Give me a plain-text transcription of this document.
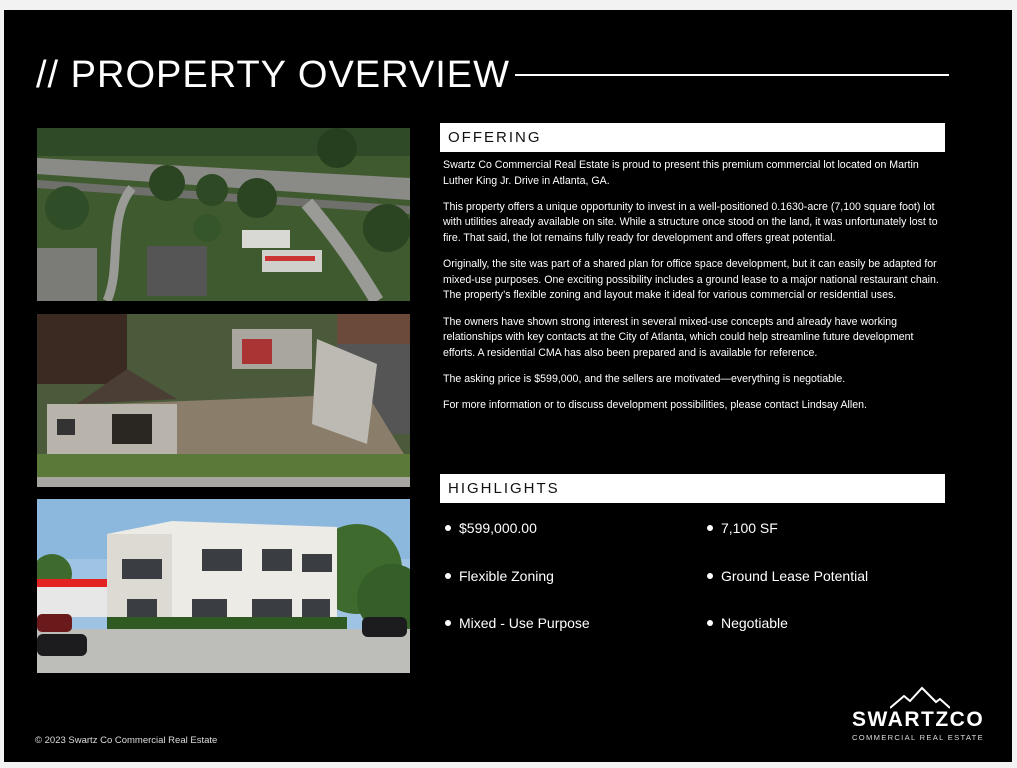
// PROPERTY OVERVIEW
OFFERING

Swartz Co Commercial Real Estate is proud to present this premium commercial lot located on Martin Luther King Jr. Drive in Atlanta, GA.

This property offers a unique opportunity to invest in a well-positioned 0.1630-acre (7,100 square foot) lot with utilities already available on site. While a structure once stood on the land, it was unfortunately lost to fire. That said, the lot remains fully ready for development and offers great potential.

Originally, the site was part of a shared plan for office space development, but it can easily be adapted for mixed-use purposes. One exciting possibility includes a ground lease to a major national restaurant chain. The property’s flexible zoning and layout make it ideal for various commercial or residential uses.

The owners have shown strong interest in several mixed-use concepts and already have working relationships with key contacts at the City of Atlanta, which could help streamline future development efforts. A residential CMA has also been prepared and is available for reference.

The asking price is $599,000, and the sellers are motivated—everything is negotiable.

For more information or to discuss development possibilities, please contact Lindsay Allen.

HIGHLIGHTS
$599,000.00	7,100 SF
Flexible Zoning	Ground Lease Potential
Mixed - Use Purpose	Negotiable
© 2023 Swartz Co Commercial Real Estate
SWARTZCO
COMMERCIAL REAL ESTATE
